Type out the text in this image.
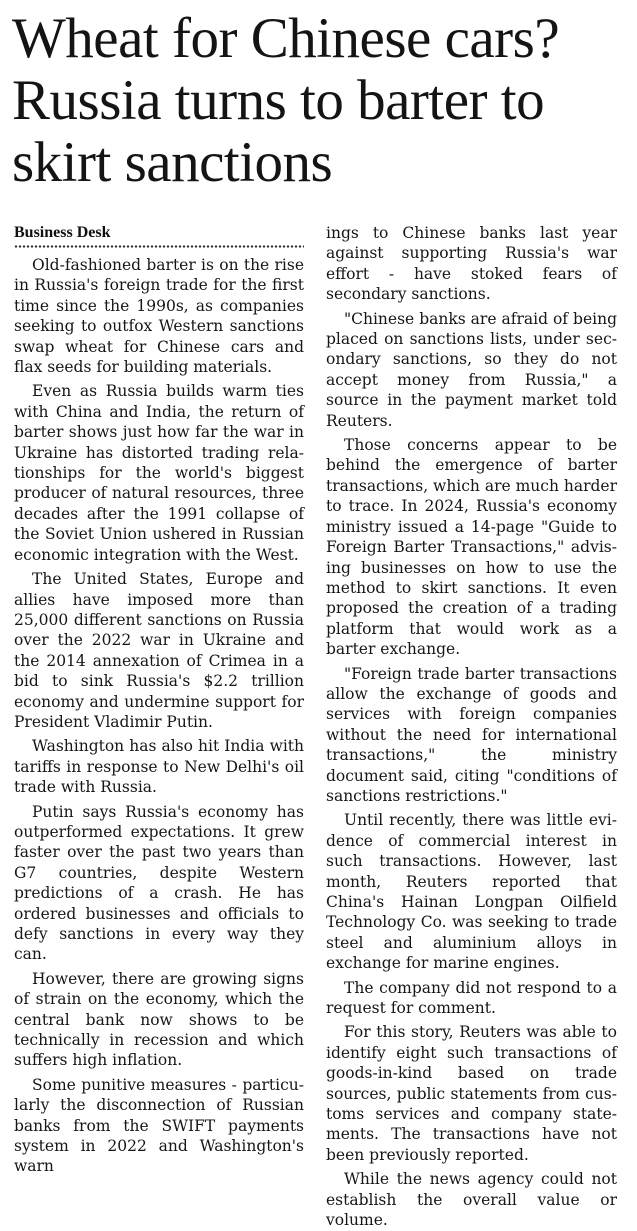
Wheat for Chinese cars?
Russia turns to barter to
skirt sanctions
Business Desk

Old-fashioned barter is on the rise in Russia's foreign trade for the first time since the 1990s, as companies seeking to outfox Western sanctions swap wheat for Chinese cars and flax seeds for building materials.

Even as Russia builds warm ties with China and India, the return of barter shows just how far the war in Ukraine has distorted trading relationships for the world's biggest producer of natural resources, three decades after the 1991 collapse of the Soviet Union ushered in Russian economic integration with the West.

The United States, Europe and allies have imposed more than 25,000 different sanctions on Russia over the 2022 war in Ukraine and the 2014 annexation of Crimea in a bid to sink Russia's $2.2 trillion economy and undermine support for President Vladimir Putin.

Washington has also hit India with tariffs in response to New Delhi's oil trade with Russia.

Putin says Russia's economy has outperformed expectations. It grew faster over the past two years than G7 countries, despite Western predictions of a crash. He has ordered businesses and officials to defy sanctions in every way they can.

However, there are growing signs of strain on the economy, which the central bank now shows to be technically in recession and which suffers high inflation.

Some punitive measures - particularly the disconnection of Russian banks from the SWIFT payments system in 2022 and Washington's warn

ings to Chinese banks last year against supporting Russia's war effort - have stoked fears of secondary sanctions.

"Chinese banks are afraid of being placed on sanctions lists, under secondary sanctions, so they do not accept money from Russia," a source in the payment market told Reuters.

Those concerns appear to be behind the emergence of barter transactions, which are much harder to trace. In 2024, Russia's economy ministry issued a 14-page "Guide to Foreign Barter Transactions," advising businesses on how to use the method to skirt sanctions. It even proposed the creation of a trading platform that would work as a barter exchange.

"Foreign trade barter transactions allow the exchange of goods and services with foreign companies without the need for international transactions," the ministry document said, citing "conditions of sanctions restrictions."

Until recently, there was little evidence of commercial interest in such transactions. However, last month, Reuters reported that China's Hainan Longpan Oilfield Technology Co. was seeking to trade steel and aluminium alloys in exchange for marine engines.

The company did not respond to a request for comment.

For this story, Reuters was able to identify eight such transactions of goods-in-kind based on trade sources, public statements from customs services and company statements. The transactions have not been previously reported.

While the news agency could not establish the overall value or volume.
